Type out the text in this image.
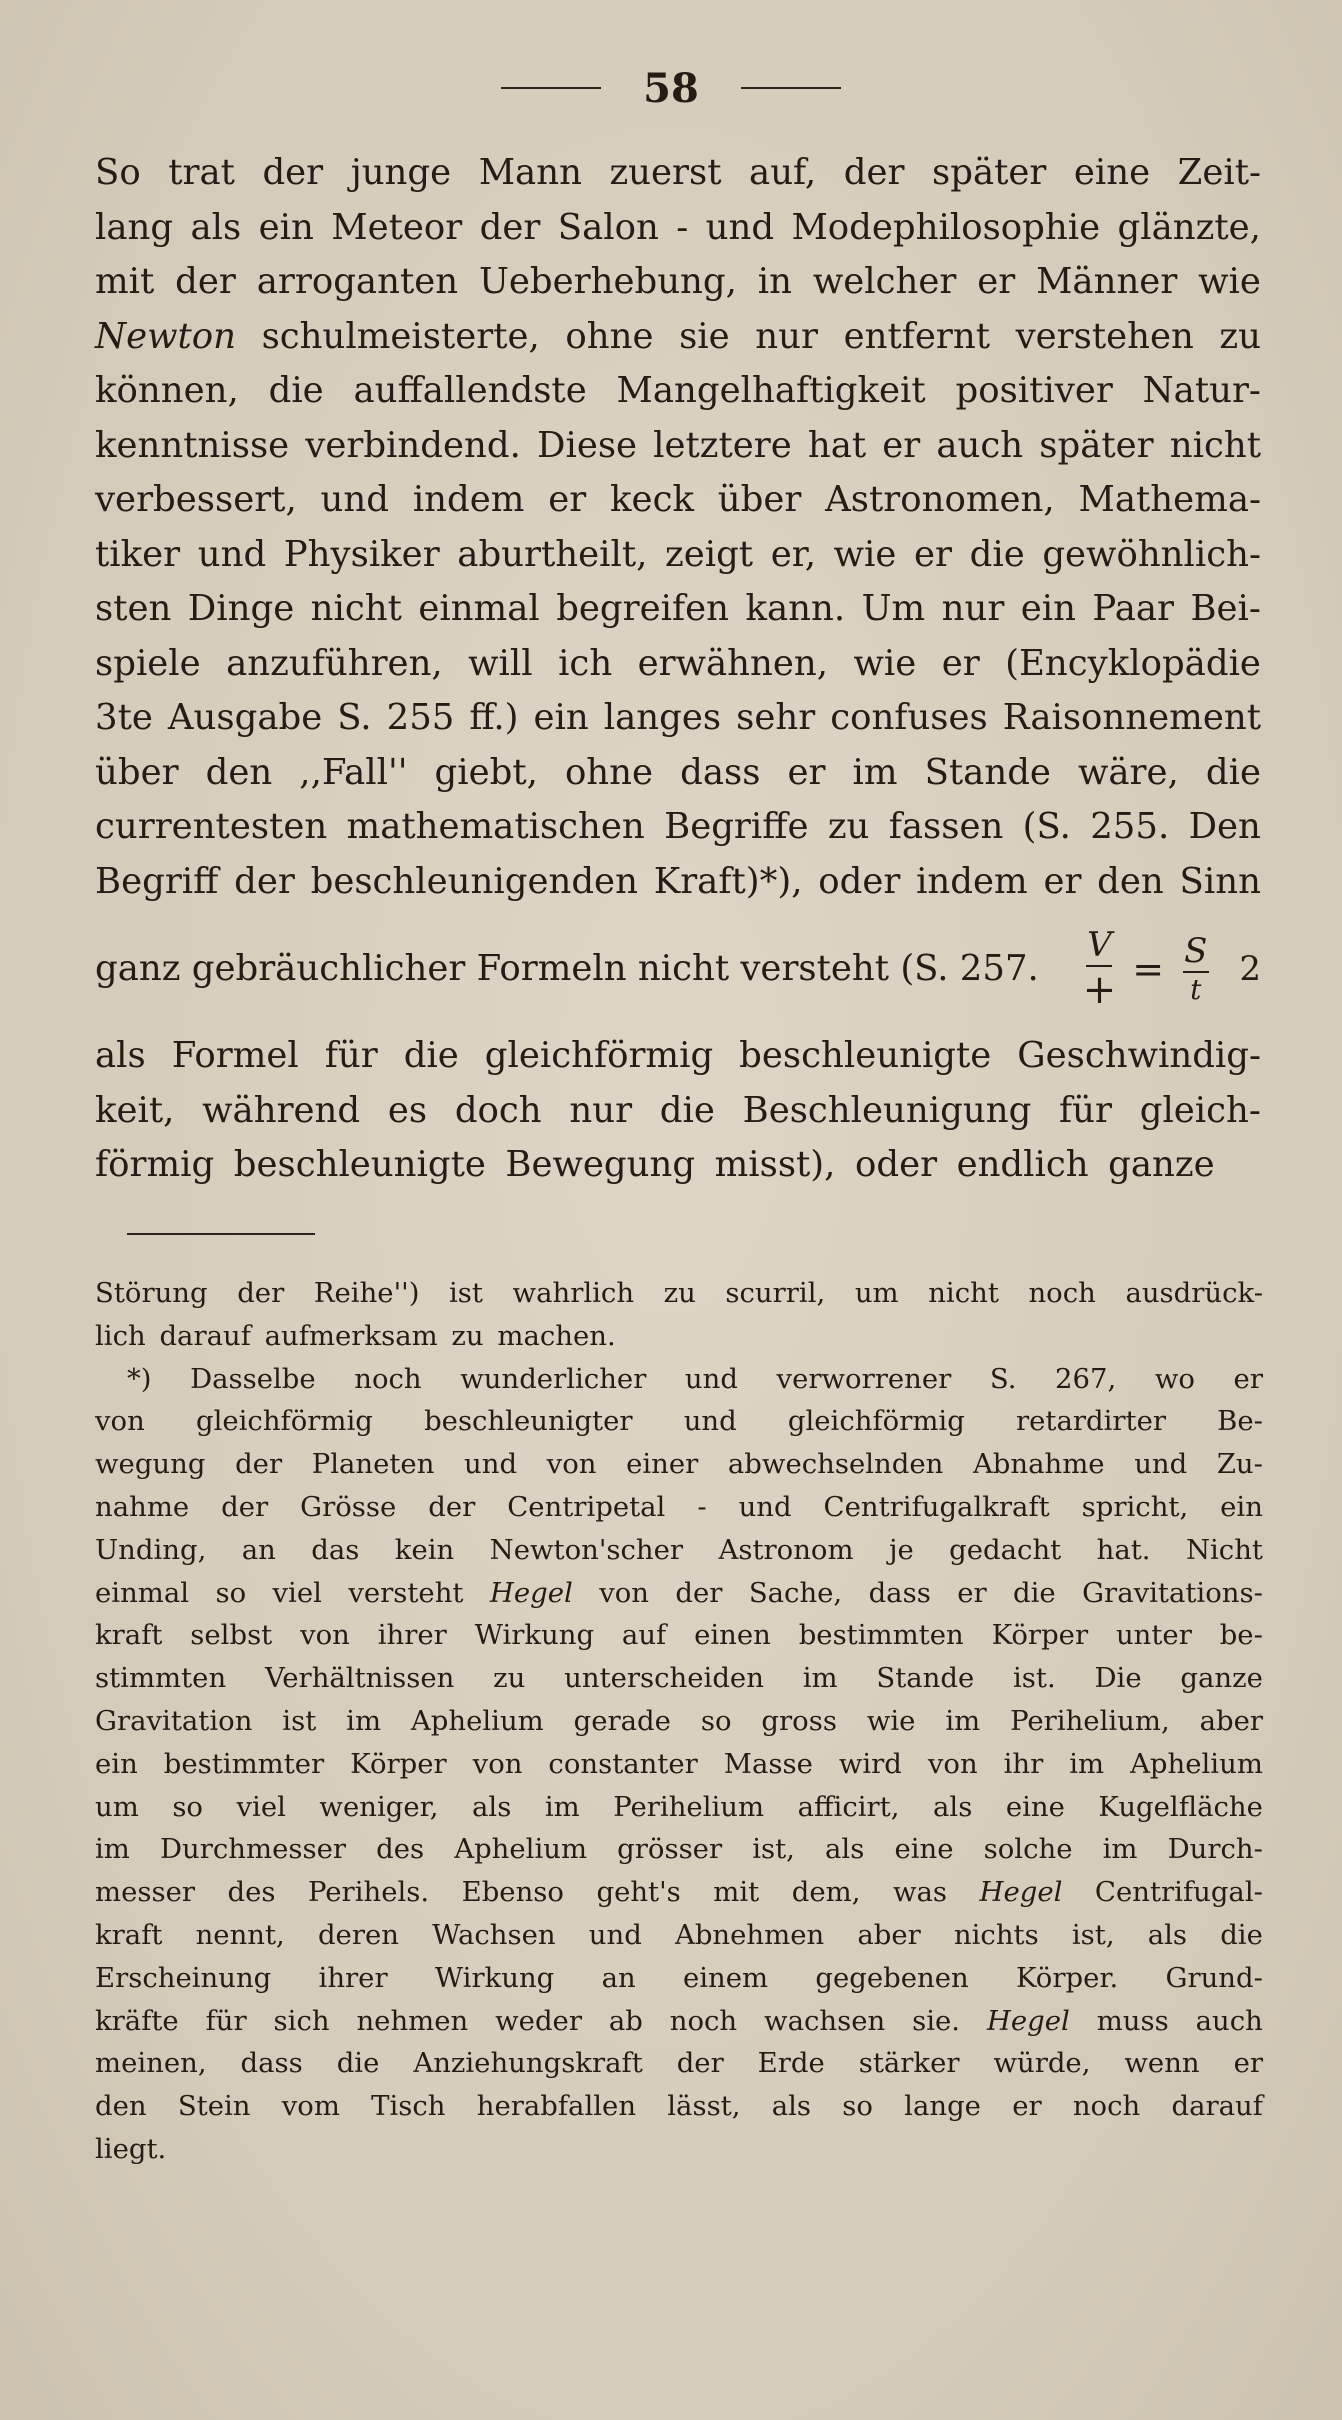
58
So trat der junge Mann zuerst auf, der später eine Zeit-
lang als ein Meteor der Salon - und Modephilosophie glänzte,
mit der arroganten Ueberhebung, in welcher er Männer wie
Newton schulmeisterte, ohne sie nur entfernt verstehen zu
können, die auffallendste Mangelhaftigkeit positiver Natur-
kenntnisse verbindend. Diese letztere hat er auch später nicht
verbessert, und indem er keck über Astronomen, Mathema-
tiker und Physiker aburtheilt, zeigt er, wie er die gewöhnlich-
sten Dinge nicht einmal begreifen kann. Um nur ein Paar Bei-
spiele anzuführen, will ich erwähnen, wie er (Encyklopädie
3te Ausgabe S. 255 ff.) ein langes sehr confuses Raisonnement
über den ,,Fall'' giebt, ohne dass er im Stande wäre, die
currentesten mathematischen Begriffe zu fassen (S. 255. Den
Begriff der beschleunigenden Kraft)*), oder indem er den Sinn
ganz gebräuchlicher Formeln nicht versteht (S. 257. $\frac{V}{+} = \frac{S}{t} 2$
als Formel für die gleichförmig beschleunigte Geschwindig-
keit, während es doch nur die Beschleunigung für gleich-
förmig beschleunigte Bewegung misst), oder endlich ganze
Störung der Reihe'') ist wahrlich zu scurril, um nicht noch ausdrück-
lich darauf aufmerksam zu machen.
*) Dasselbe noch wunderlicher und verworrener S. 267, wo er
von gleichförmig beschleunigter und gleichförmig retardirter Be-
wegung der Planeten und von einer abwechselnden Abnahme und Zu-
nahme der Grösse der Centripetal - und Centrifugalkraft spricht, ein
Unding, an das kein Newton'scher Astronom je gedacht hat. Nicht
einmal so viel versteht Hegel von der Sache, dass er die Gravitations-
kraft selbst von ihrer Wirkung auf einen bestimmten Körper unter be-
stimmten Verhältnissen zu unterscheiden im Stande ist. Die ganze
Gravitation ist im Aphelium gerade so gross wie im Perihelium, aber
ein bestimmter Körper von constanter Masse wird von ihr im Aphelium
um so viel weniger, als im Perihelium afficirt, als eine Kugelfläche
im Durchmesser des Aphelium grösser ist, als eine solche im Durch-
messer des Perihels. Ebenso geht's mit dem, was Hegel Centrifugal-
kraft nennt, deren Wachsen und Abnehmen aber nichts ist, als die
Erscheinung ihrer Wirkung an einem gegebenen Körper. Grund-
kräfte für sich nehmen weder ab noch wachsen sie. Hegel muss auch
meinen, dass die Anziehungskraft der Erde stärker würde, wenn er
den Stein vom Tisch herabfallen lässt, als so lange er noch darauf
liegt.
